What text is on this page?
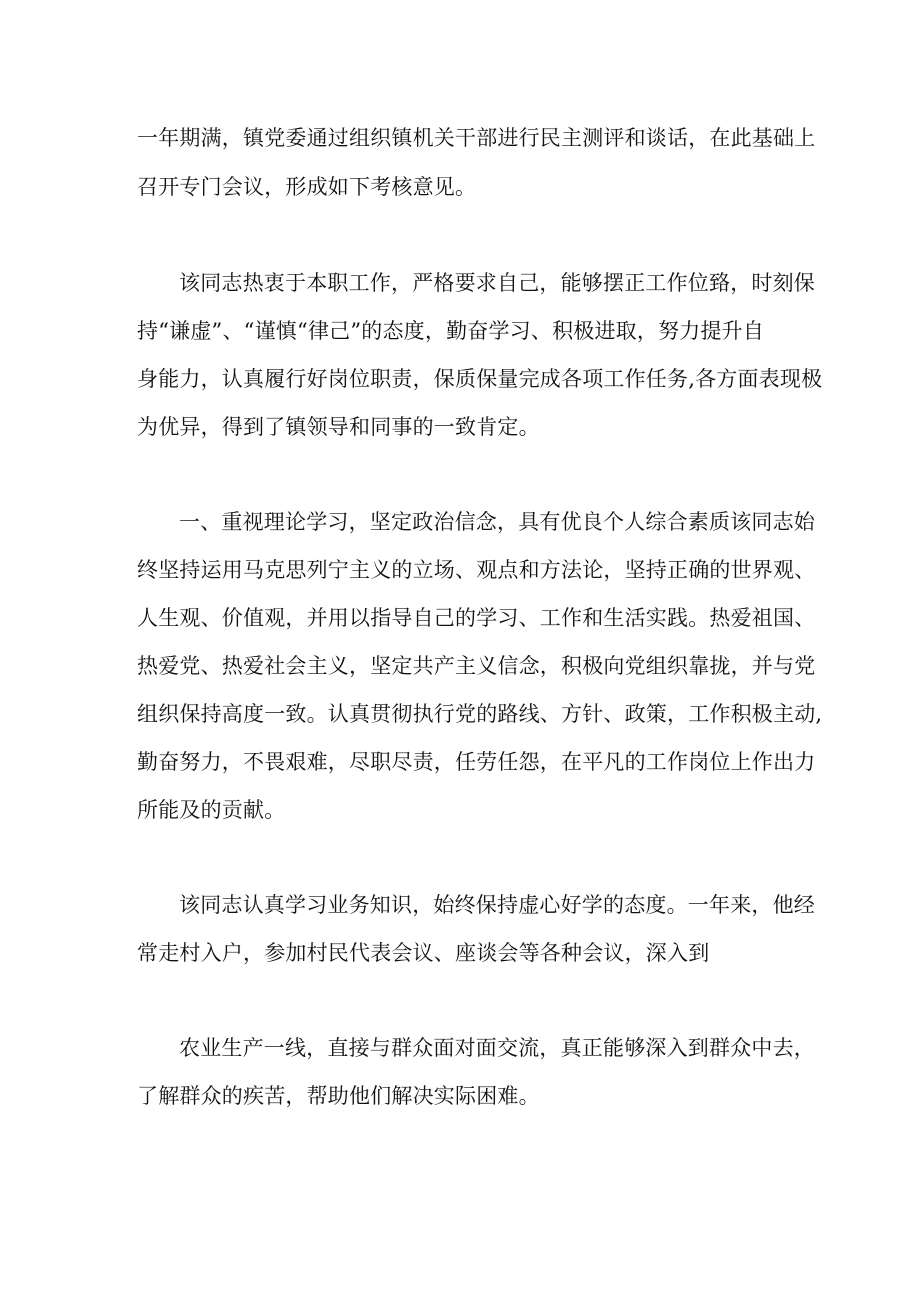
一年期满，镇党委通过组织镇机关干部进行民主测评和谈话，在此基础上
召开专门会议，形成如下考核意见。
该同志热衷于本职工作，严格要求自己，能够摆正工作位臵，时刻保
持“谦虚”、“谨慎“律己”的态度，勤奋学习、积极进取，努力提升自
身能力，认真履行好岗位职责，保质保量完成各项工作任务,各方面表现极
为优异，得到了镇领导和同事的一致肯定。
一、重视理论学习，坚定政治信念，具有优良个人综合素质该同志始
终坚持运用马克思列宁主义的立场、观点和方法论，坚持正确的世界观、
人生观、价值观，并用以指导自己的学习、工作和生活实践。热爱祖国、
热爱党、热爱社会主义，坚定共产主义信念，积极向党组织靠拢，并与党
组织保持高度一致。认真贯彻执行党的路线、方针、政策，工作积极主动,
勤奋努力，不畏艰难，尽职尽责，任劳任怨，在平凡的工作岗位上作出力
所能及的贡献。
该同志认真学习业务知识，始终保持虚心好学的态度。一年来，他经
常走村入户，参加村民代表会议、座谈会等各种会议，深入到
农业生产一线，直接与群众面对面交流，真正能够深入到群众中去，
了解群众的疾苦，帮助他们解决实际困难。
